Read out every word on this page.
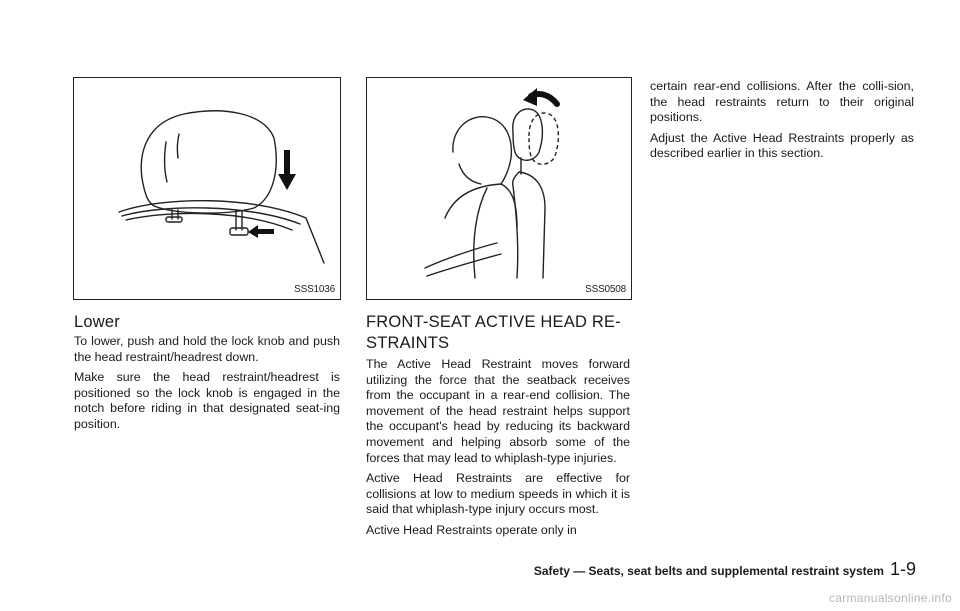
SSS1036	SSS0508
Lower

To lower, push and hold the lock knob and push the head restraint/headrest down.

Make sure the head restraint/headrest is positioned so the lock knob is engaged in the notch before riding in that designated seat-ing position.

FRONT-SEAT ACTIVE HEAD RE-
STRAINTS

The Active Head Restraint moves forward utilizing the force that the seatback receives from the occupant in a rear-end collision. The movement of the head restraint helps support the occupant's head by reducing its backward movement and helping absorb some of the forces that may lead to whiplash-type injuries.

Active Head Restraints are effective for collisions at low to medium speeds in which it is said that whiplash-type injury occurs most.

Active Head Restraints operate only in

certain rear-end collisions. After the colli-sion, the head restraints return to their original positions.

Adjust the Active Head Restraints properly as described earlier in this section.

Safety — Seats, seat belts and supplemental restraint system 1-9
carmanualsonline.info
